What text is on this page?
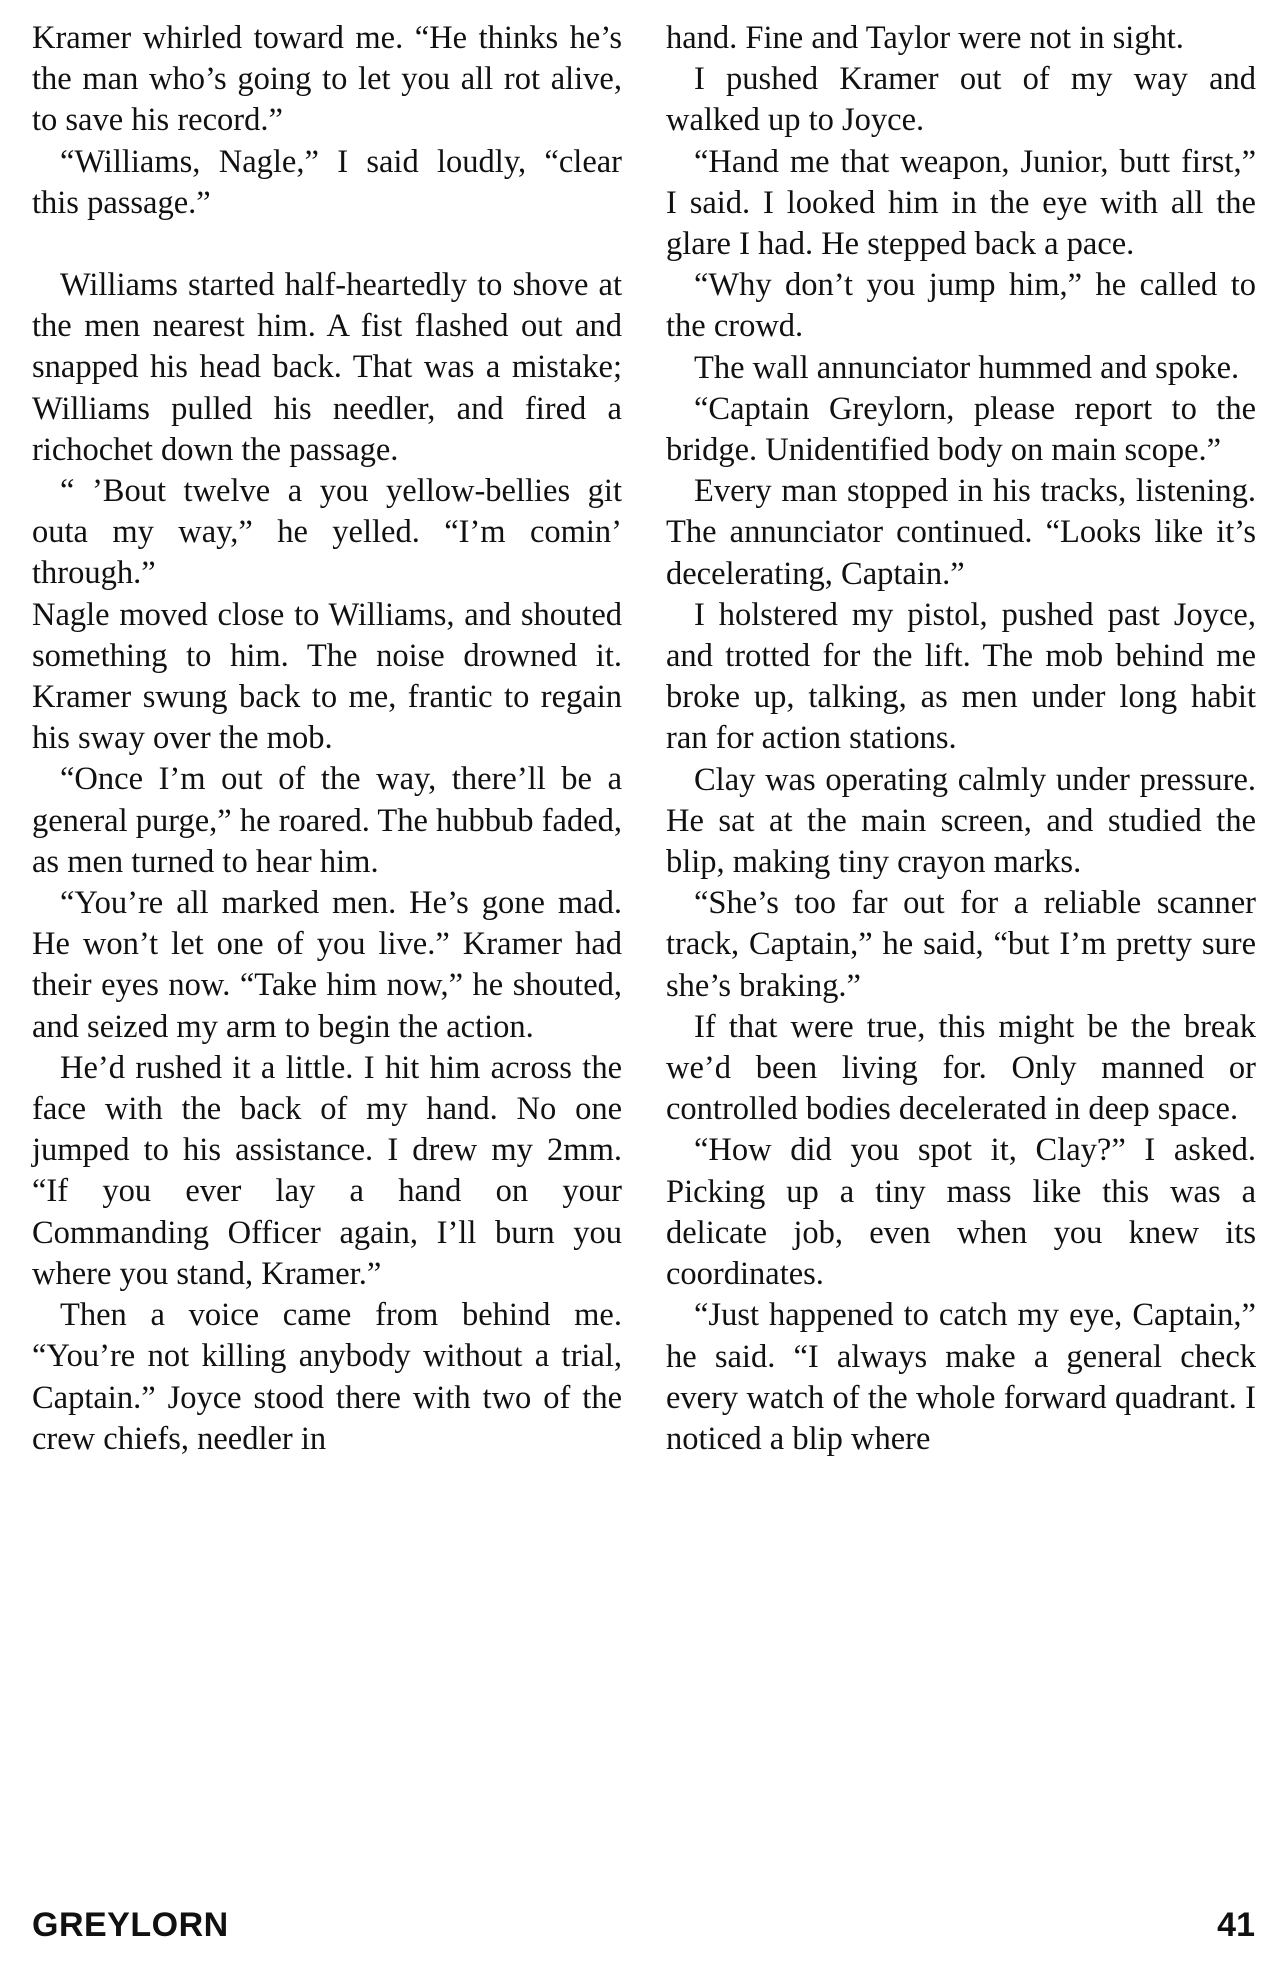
Kramer whirled toward me. “He thinks he’s the man who’s going to let you all rot alive, to save his record.”

“Williams, Nagle,” I said loudly, “clear this passage.”

Williams started half-heartedly to shove at the men nearest him. A fist flashed out and snapped his head back. That was a mistake; Williams pulled his needler, and fired a richochet down the passage.

“ ’Bout twelve a you yellow-bellies git outa my way,” he yelled. “I’m comin’ through.”

Nagle moved close to Williams, and shouted something to him. The noise drowned it. Kramer swung back to me, frantic to regain his sway over the mob.

“Once I’m out of the way, there’ll be a general purge,” he roared. The hubbub faded, as men turned to hear him.

“You’re all marked men. He’s gone mad. He won’t let one of you live.” Kramer had their eyes now. “Take him now,” he shouted, and seized my arm to begin the action.

He’d rushed it a little. I hit him across the face with the back of my hand. No one jumped to his assistance. I drew my 2mm. “If you ever lay a hand on your Commanding Officer again, I’ll burn you where you stand, Kramer.”

Then a voice came from behind me. “You’re not killing anybody without a trial, Captain.” Joyce stood there with two of the crew chiefs, needler in

hand. Fine and Taylor were not in sight.

I pushed Kramer out of my way and walked up to Joyce.

“Hand me that weapon, Junior, butt first,” I said. I looked him in the eye with all the glare I had. He stepped back a pace.

“Why don’t you jump him,” he called to the crowd.

The wall annunciator hummed and spoke.

“Captain Greylorn, please report to the bridge. Unidentified body on main scope.”

Every man stopped in his tracks, listening. The annunciator continued. “Looks like it’s decelerating, Captain.”

I holstered my pistol, pushed past Joyce, and trotted for the lift. The mob behind me broke up, talking, as men under long habit ran for action stations.

Clay was operating calmly under pressure. He sat at the main screen, and studied the blip, making tiny crayon marks.

“She’s too far out for a reliable scanner track, Captain,” he said, “but I’m pretty sure she’s braking.”

If that were true, this might be the break we’d been living for. Only manned or controlled bodies decelerated in deep space.

“How did you spot it, Clay?” I asked. Picking up a tiny mass like this was a delicate job, even when you knew its coordinates.

“Just happened to catch my eye, Captain,” he said. “I always make a general check every watch of the whole forward quadrant. I noticed a blip where

GREYLORN	41
